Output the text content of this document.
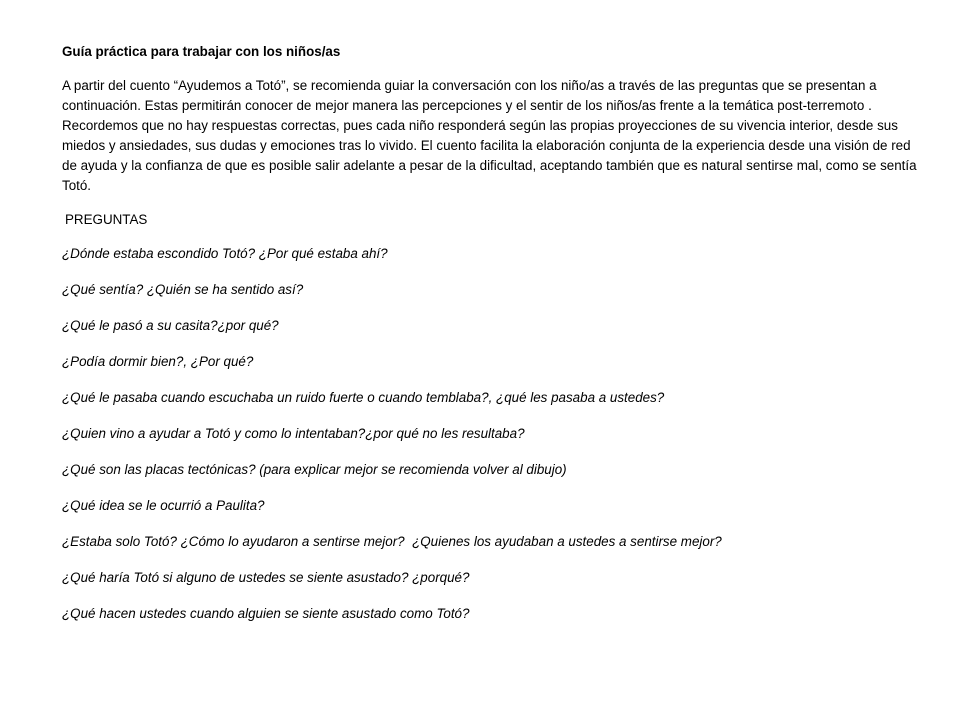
Guía práctica para trabajar con los niños/as

A partir del cuento “Ayudemos a Totó”, se recomienda guiar la conversación con los niño/as a través de las preguntas que se presentan a continuación. Estas permitirán conocer de mejor manera las percepciones y el sentir de los niños/as frente a la temática post-terremoto .

Recordemos que no hay respuestas correctas, pues cada niño responderá según las propias proyecciones de su vivencia interior, desde sus miedos y ansiedades, sus dudas y emociones tras lo vivido. El cuento facilita la elaboración conjunta de la experiencia desde una visión de red de ayuda y la confianza de que es posible salir adelante a pesar de la dificultad, aceptando también que es natural sentirse mal, como se sentía Totó.

PREGUNTAS
¿Dónde estaba escondido Totó? ¿Por qué estaba ahí?
¿Qué sentía? ¿Quién se ha sentido así?
¿Qué le pasó a su casita?¿por qué?
¿Podía dormir bien?, ¿Por qué?
¿Qué le pasaba cuando escuchaba un ruido fuerte o cuando temblaba?, ¿qué les pasaba a ustedes?
¿Quien vino a ayudar a Totó y como lo intentaban?¿por qué no les resultaba?
¿Qué son las placas tectónicas? (para explicar mejor se recomienda volver al dibujo)
¿Qué idea se le ocurrió a Paulita?
¿Estaba solo Totó? ¿Cómo lo ayudaron a sentirse mejor?  ¿Quienes los ayudaban a ustedes a sentirse mejor?
¿Qué haría Totó si alguno de ustedes se siente asustado? ¿porqué?
¿Qué hacen ustedes cuando alguien se siente asustado como Totó?
